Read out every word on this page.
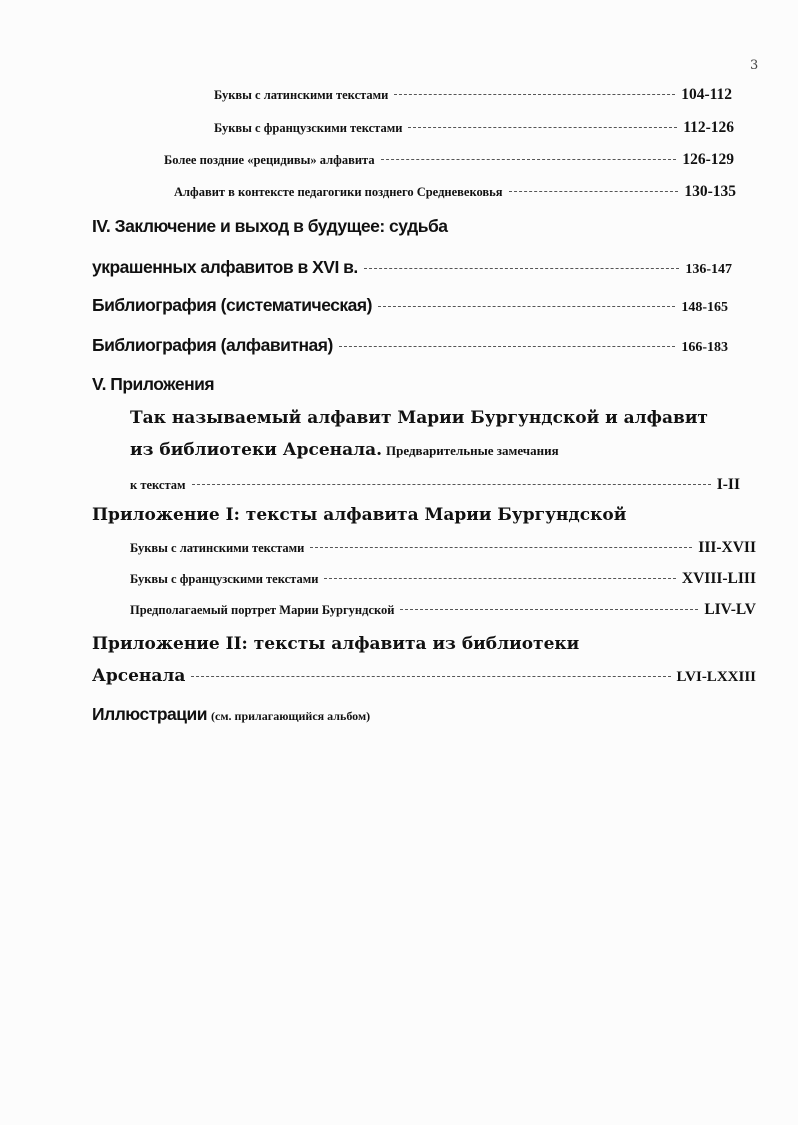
3
Буквы с латинскими текстами	104-112
Буквы с французскими текстами	112-126
Более поздние «рецидивы» алфавита	126-129
Алфавит в контексте педагогики позднего Средневековья	130-135
IV. Заключение и выход в будущее: судьба
украшенных алфавитов в XVI в.	136-147
Библиография (систематическая)	148-165
Библиография (алфавитная)	166-183
V. Приложения
Так называемый алфавит Марии Бургундской и алфавит
из библиотеки Арсенала. Предварительные замечания
к текстам	I-II
Приложение I: тексты алфавита Марии Бургундской
Буквы с латинскими текстами	III-XVII
Буквы с французскими текстами	XVIII-LIII
Предполагаемый портрет Марии Бургундской	LIV-LV
Приложение II: тексты алфавита из библиотеки
Арсенала	LVI-LXXIII
Иллюстрации (см. прилагающийся альбом)
